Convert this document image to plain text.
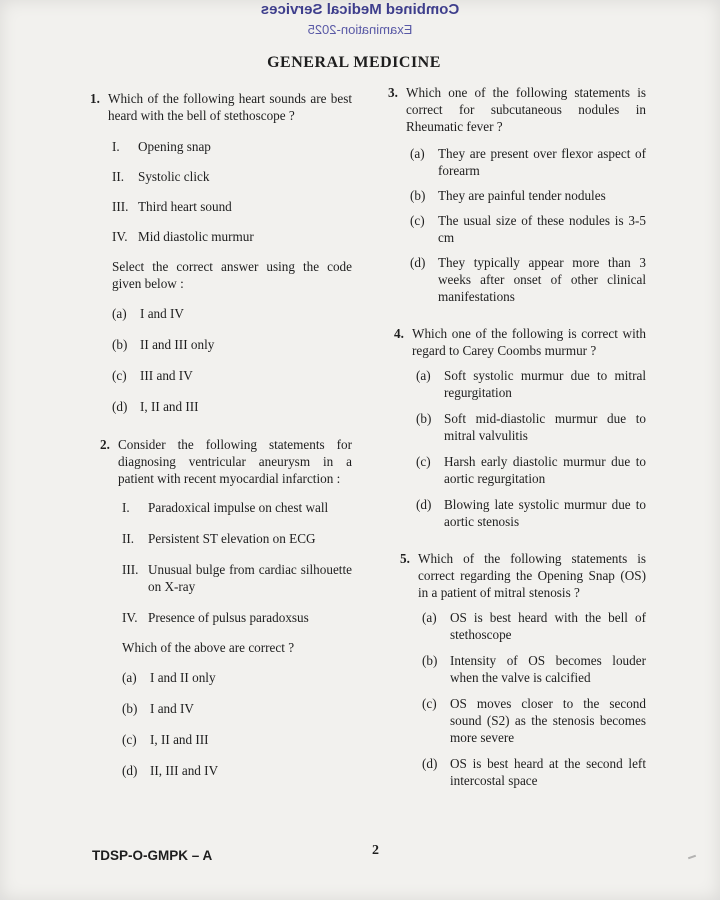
Combined Medical Services
Examination-2025
GENERAL MEDICINE
1. Which of the following heart sounds are best heard with the bell of stethoscope ?
I.	Opening snap
II.	Systolic click
III. Third heart sound
IV. Mid diastolic murmur
Select the correct answer using the code given below :
(a)	I and IV
(b) II and III only
(c)	III and IV
(d) I, II and III
2. Consider the following statements for diagnosing ventricular aneurysm in a patient with recent myocardial infarction :
I.	Paradoxical impulse on chest wall
II.	Persistent ST elevation on ECG
III. Unusual bulge from cardiac silhouette on X-ray
IV. Presence of pulsus paradoxsus
Which of the above are correct ?
(a)	I and II only
(b) I and IV
(c)	I, II and III
(d) II, III and IV
3. Which one of the following statements is correct for subcutaneous nodules in Rheumatic fever ?
(a)	They are present over flexor aspect of forearm
(b) They are painful tender nodules
(c)	The usual size of these nodules is 3-5 cm
(d) They typically appear more than 3 weeks after onset of other clinical manifestations
4. Which one of the following is correct with regard to Carey Coombs murmur ?
(a)	Soft systolic murmur due to mitral regurgitation
(b) Soft mid-diastolic murmur due to mitral valvulitis
(c)	Harsh early diastolic murmur due to aortic regurgitation
(d) Blowing late systolic murmur due to aortic stenosis
5. Which of the following statements is correct regarding the Opening Snap (OS) in a patient of mitral stenosis ?
(a)	OS is best heard with the bell of stethoscope
(b) Intensity of OS becomes louder when the valve is calcified
(c)	OS moves closer to the second sound (S2) as the stenosis becomes more severe
(d) OS is best heard at the second left intercostal space
TDSP-O-GMPK – A	2
